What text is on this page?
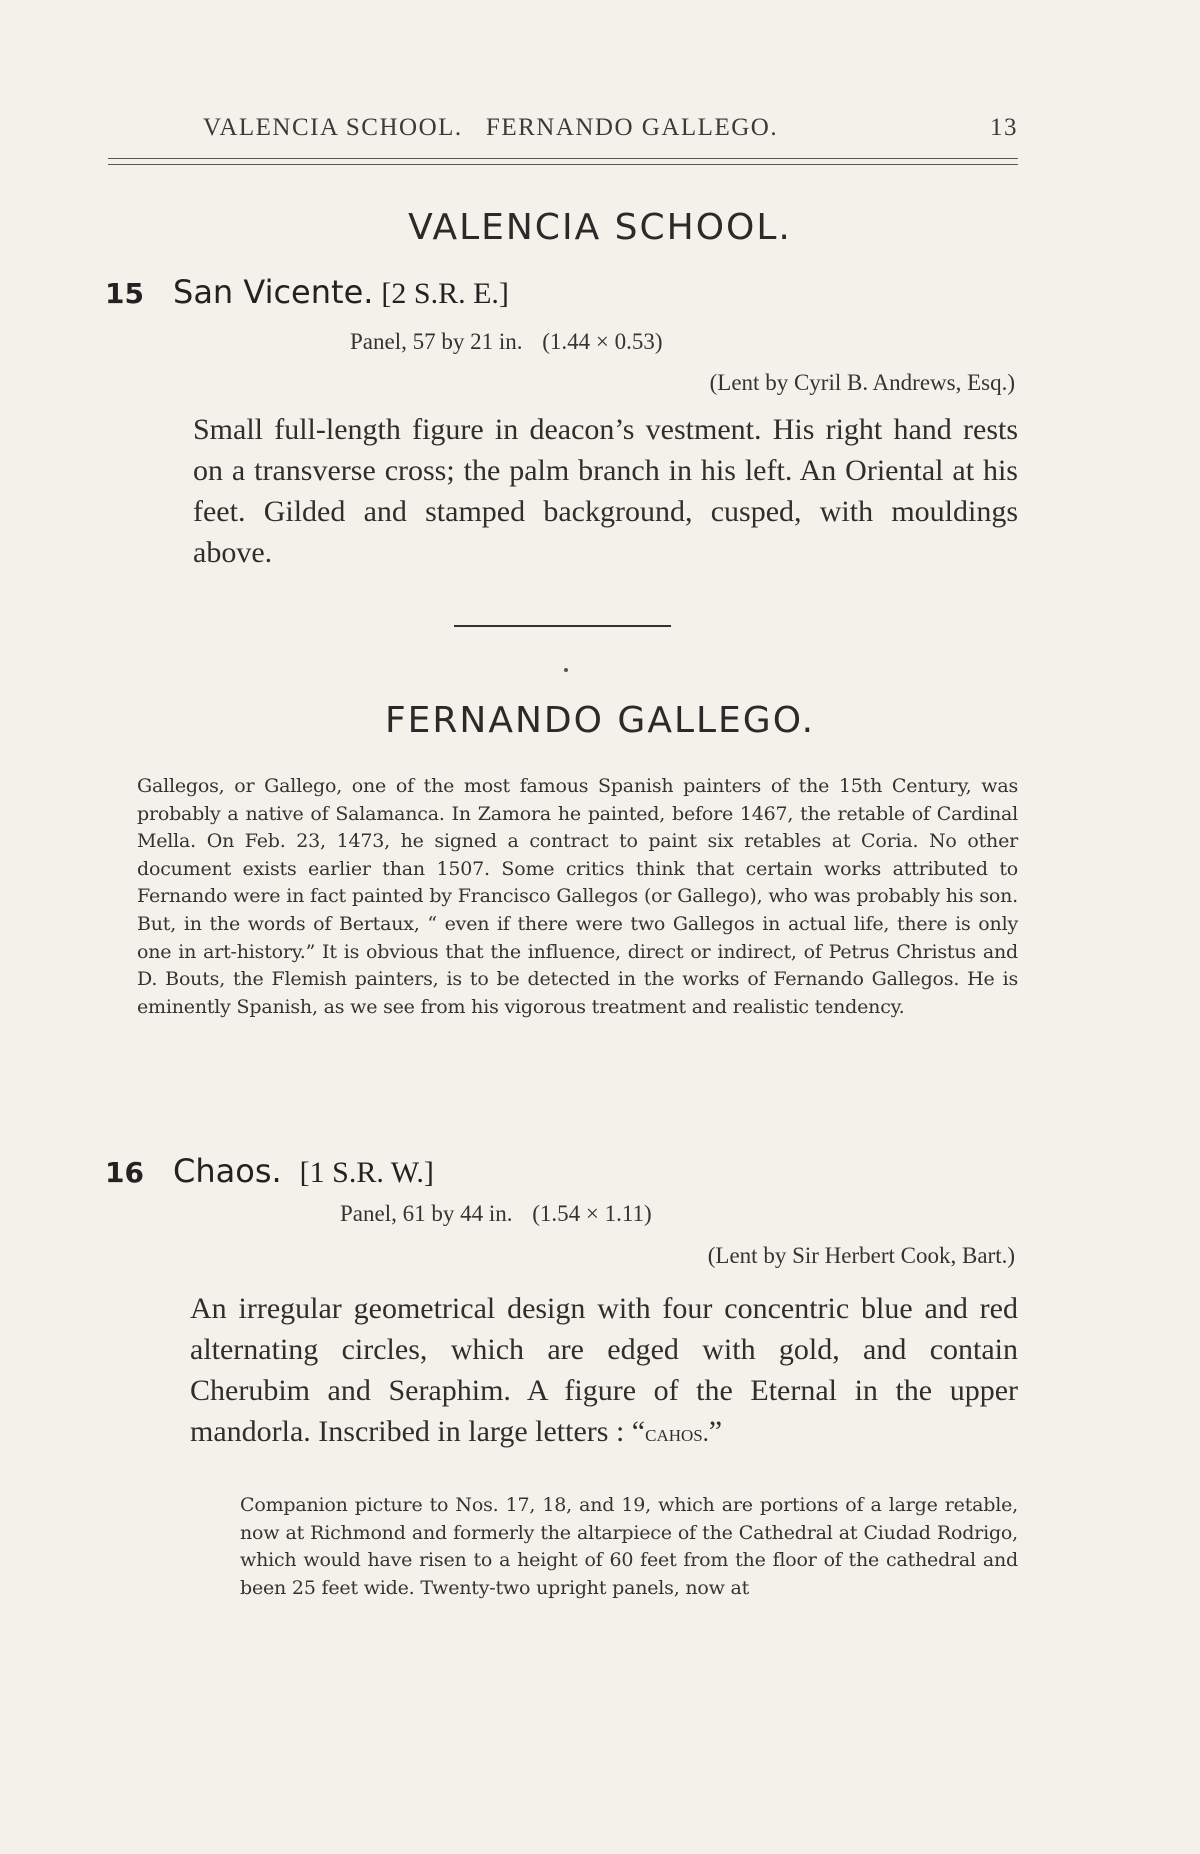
VALENCIA SCHOOL.   FERNANDO GALLEGO.	13
VALENCIA SCHOOL.
15 San Vicente. [2 S.R. E.]
Panel, 57 by 21 in. (1.44 × 0.53)
(Lent by Cyril B. Andrews, Esq.)
Small full-length figure in deacon’s vestment. His right hand rests on a transverse cross; the palm branch in his left. An Oriental at his feet. Gilded and stamped background, cusped, with mouldings above.
FERNANDO GALLEGO.
Gallegos, or Gallego, one of the most famous Spanish painters of the 15th Century, was probably a native of Salamanca. In Zamora he painted, before 1467, the retable of Cardinal Mella. On Feb. 23, 1473, he signed a contract to paint six retables at Coria. No other document exists earlier than 1507. Some critics think that certain works attributed to Fernando were in fact painted by Francisco Gallegos (or Gallego), who was probably his son. But, in the words of Bertaux, “ even if there were two Gallegos in actual life, there is only one in art-history.” It is obvious that the influence, direct or indirect, of Petrus Christus and D. Bouts, the Flemish painters, is to be detected in the works of Fernando Gallegos. He is eminently Spanish, as we see from his vigorous treatment and realistic tendency.
16 Chaos. [1 S.R. W.]
Panel, 61 by 44 in. (1.54 × 1.11)
(Lent by Sir Herbert Cook, Bart.)
An irregular geometrical design with four concentric blue and red alternating circles, which are edged with gold, and contain Cherubim and Seraphim. A figure of the Eternal in the upper mandorla. Inscribed in large letters : “cahos.”
Companion picture to Nos. 17, 18, and 19, which are portions of a large retable, now at Richmond and formerly the altarpiece of the Cathedral at Ciudad Rodrigo, which would have risen to a height of 60 feet from the floor of the cathedral and been 25 feet wide. Twenty-two upright panels, now at
